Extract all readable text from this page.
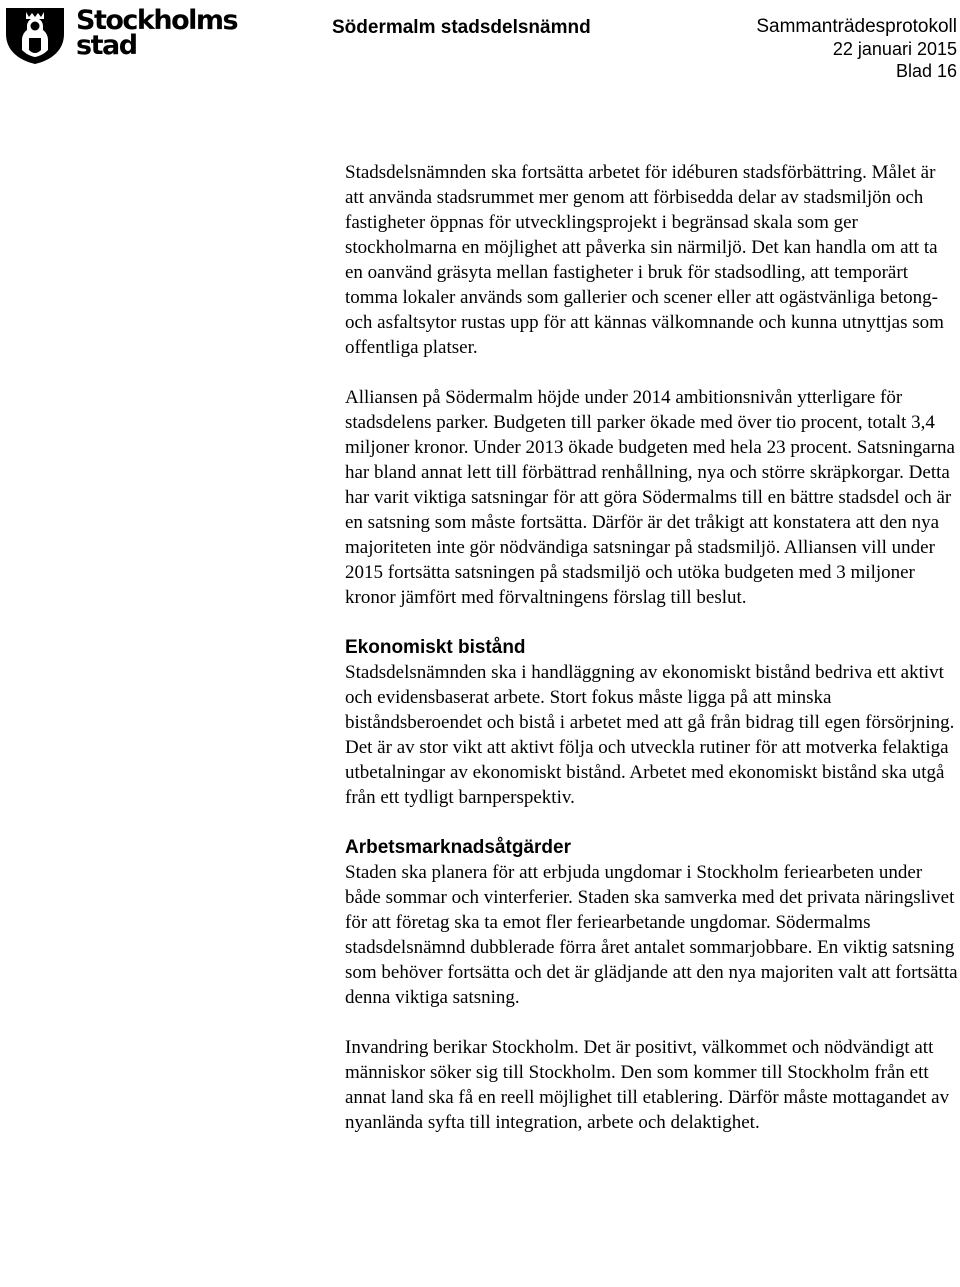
Stockholms
stad
Södermalm stadsdelsnämnd	Sammanträdesprotokoll
22 januari 2015
Blad 16

Stadsdelsnämnden ska fortsätta arbetet för idéburen stadsförbättring. Målet är att använda stadsrummet mer genom att förbisedda delar av stadsmiljön och fastigheter öppnas för utvecklingsprojekt i begränsad skala som ger stockholmarna en möjlighet att påverka sin närmiljö. Det kan handla om att ta en oanvänd gräsyta mellan fastigheter i bruk för stadsodling, att temporärt tomma lokaler används som gallerier och scener eller att ogästvänliga betong- och asfaltsytor rustas upp för att kännas välkomnande och kunna utnyttjas som offentliga platser.

Alliansen på Södermalm höjde under 2014 ambitionsnivån ytterligare för stadsdelens parker. Budgeten till parker ökade med över tio procent, totalt 3,4 miljoner kronor. Under 2013 ökade budgeten med hela 23 procent. Satsningarna har bland annat lett till förbättrad renhållning, nya och större skräpkorgar. Detta har varit viktiga satsningar för att göra Södermalms till en bättre stadsdel och är en satsning som måste fortsätta. Därför är det tråkigt att konstatera att den nya majoriteten inte gör nödvändiga satsningar på stadsmiljö. Alliansen vill under 2015 fortsätta satsningen på stadsmiljö och utöka budgeten med 3 miljoner kronor jämfört med förvaltningens förslag till beslut.

Ekonomiskt bistånd

Stadsdelsnämnden ska i handläggning av ekonomiskt bistånd bedriva ett aktivt och evidensbaserat arbete. Stort fokus måste ligga på att minska biståndsberoendet och bistå i arbetet med att gå från bidrag till egen försörjning. Det är av stor vikt att aktivt följa och utveckla rutiner för att motverka felaktiga utbetalningar av ekonomiskt bistånd. Arbetet med ekonomiskt bistånd ska utgå från ett tydligt barnperspektiv.

Arbetsmarknadsåtgärder

Staden ska planera för att erbjuda ungdomar i Stockholm feriearbeten under både sommar och vinterferier. Staden ska samverka med det privata näringslivet för att företag ska ta emot fler feriearbetande ungdomar. Södermalms stadsdelsnämnd dubblerade förra året antalet sommarjobbare. En viktig satsning som behöver fortsätta och det är glädjande att den nya majoriten valt att fortsätta denna viktiga satsning.

Invandring berikar Stockholm. Det är positivt, välkommet och nödvändigt att människor söker sig till Stockholm. Den som kommer till Stockholm från ett annat land ska få en reell möjlighet till etablering. Därför måste mottagandet av nyanlända syfta till integration, arbete och delaktighet.
